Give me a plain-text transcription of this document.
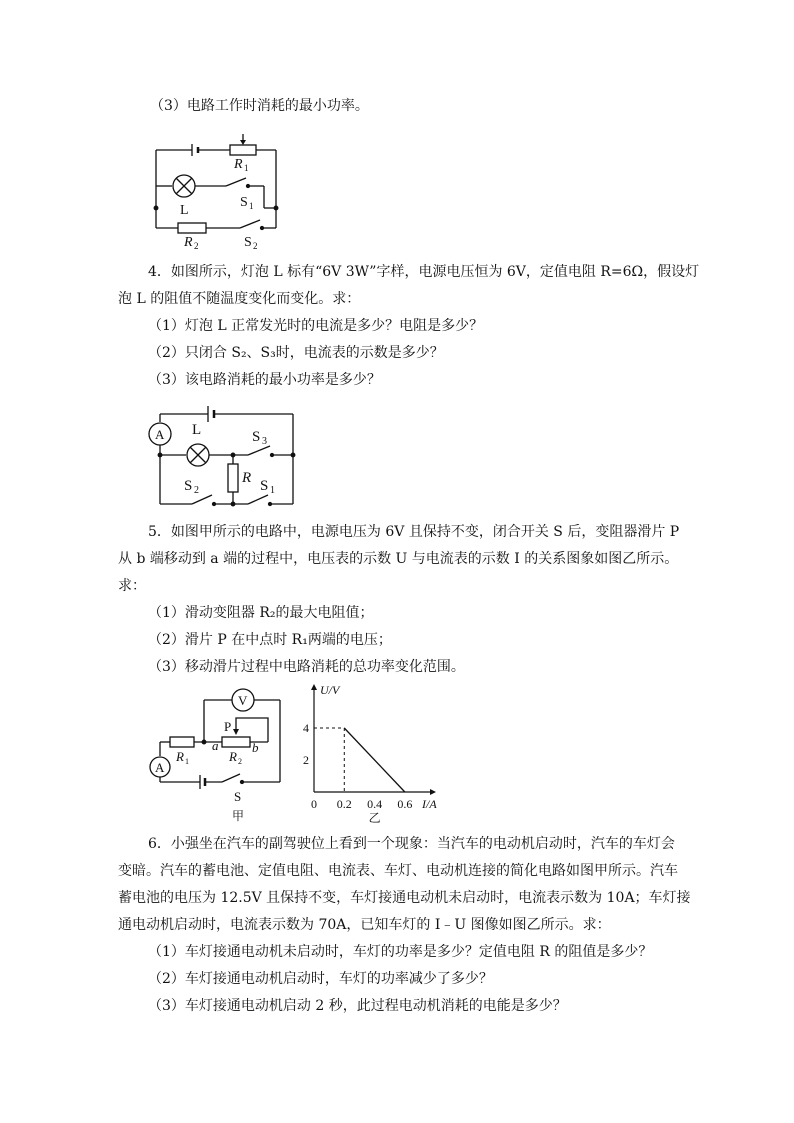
（3）电路工作时消耗的最小功率。
R 1
L
S 1
R 2	S 2
4．如图所示，灯泡 L 标有“6V 3W”字样，电源电压恒为 6V，定值电阻 R=6Ω，假设灯
泡 L 的阻值不随温度变化而变化。求：
（1）灯泡 L 正常发光时的电流是多少？电阻是多少？
（2）只闭合 S₂、S₃时，电流表的示数是多少？
（3）该电路消耗的最小功率是多少？
A L	S 3
R
S 2	S 1
5．如图甲所示的电路中，电源电压为 6V 且保持不变，闭合开关 S 后，变阻器滑片 P
从 b 端移动到 a 端的过程中，电压表的示数 U 与电流表的示数 I 的关系图象如图乙所示。
求：
（1）滑动变阻器 R₂的最大电阻值；
（2）滑片 P 在中点时 R₁两端的电压；
（3）移动滑片过程中电路消耗的总功率变化范围。
V
A
P
a	b
R 1	R 2
S
甲
0 0.2 0.4 0.6
2
4
I/A
U/V
乙
6．小强坐在汽车的副驾驶位上看到一个现象：当汽车的电动机启动时，汽车的车灯会
变暗。汽车的蓄电池、定值电阻、电流表、车灯、电动机连接的简化电路如图甲所示。汽车
蓄电池的电压为 12.5V 且保持不变，车灯接通电动机未启动时，电流表示数为 10A；车灯接
通电动机启动时，电流表示数为 70A，已知车灯的 I﹣U 图像如图乙所示。求：
（1）车灯接通电动机未启动时，车灯的功率是多少？定值电阻 R 的阻值是多少？
（2）车灯接通电动机启动时，车灯的功率减少了多少？
（3）车灯接通电动机启动 2 秒，此过程电动机消耗的电能是多少？
